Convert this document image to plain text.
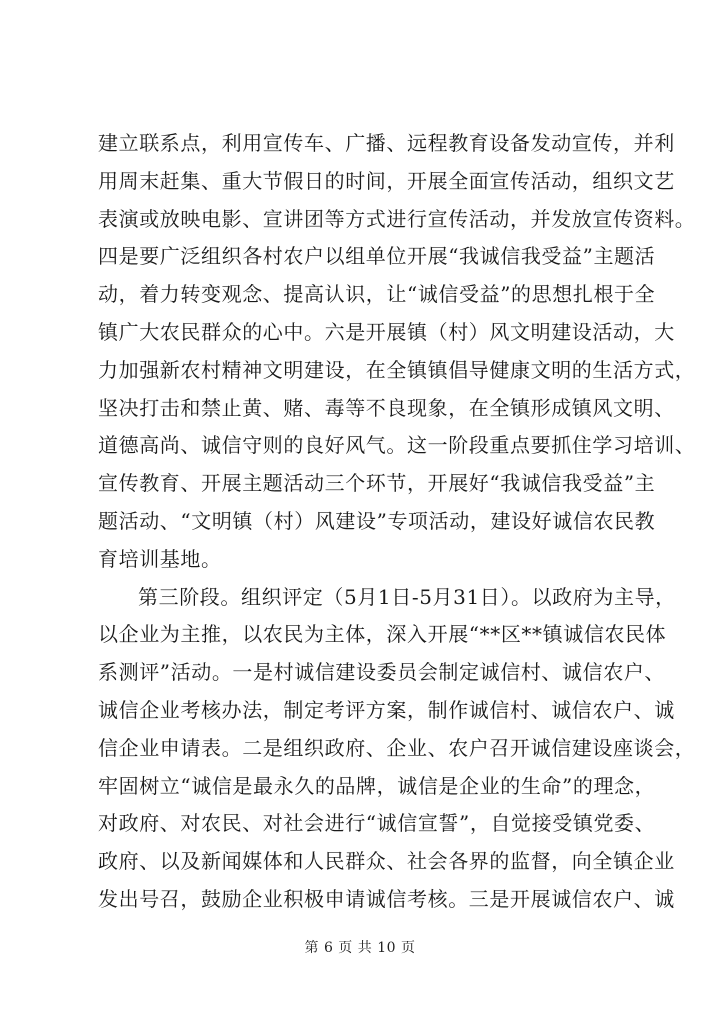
建立联系点，利用宣传车、广播、远程教育设备发动宣传，并利
用周末赶集、重大节假日的时间，开展全面宣传活动，组织文艺
表演或放映电影、宣讲团等方式进行宣传活动，并发放宣传资料。
四是要广泛组织各村农户以组单位开展“我诚信我受益”主题活
动，着力转变观念、提高认识，让“诚信受益”的思想扎根于全
镇广大农民群众的心中。六是开展镇（村）风文明建设活动，大
力加强新农村精神文明建设，在全镇镇倡导健康文明的生活方式，
坚决打击和禁止黄、赌、毒等不良现象，在全镇形成镇风文明、
道德高尚、诚信守则的良好风气。这一阶段重点要抓住学习培训、
宣传教育、开展主题活动三个环节，开展好“我诚信我受益”主
题活动、“文明镇（村）风建设”专项活动，建设好诚信农民教
育培训基地。
第三阶段。组织评定（5月1日-5月31日）。以政府为主导，
以企业为主推，以农民为主体，深入开展“**区**镇诚信农民体
系测评”活动。一是村诚信建设委员会制定诚信村、诚信农户、
诚信企业考核办法，制定考评方案，制作诚信村、诚信农户、诚
信企业申请表。二是组织政府、企业、农户召开诚信建设座谈会，
牢固树立“诚信是最永久的品牌，诚信是企业的生命”的理念，
对政府、对农民、对社会进行“诚信宣誓”，自觉接受镇党委、
政府、以及新闻媒体和人民群众、社会各界的监督，向全镇企业
发出号召，鼓励企业积极申请诚信考核。三是开展诚信农户、诚
第 6 页 共 10 页
